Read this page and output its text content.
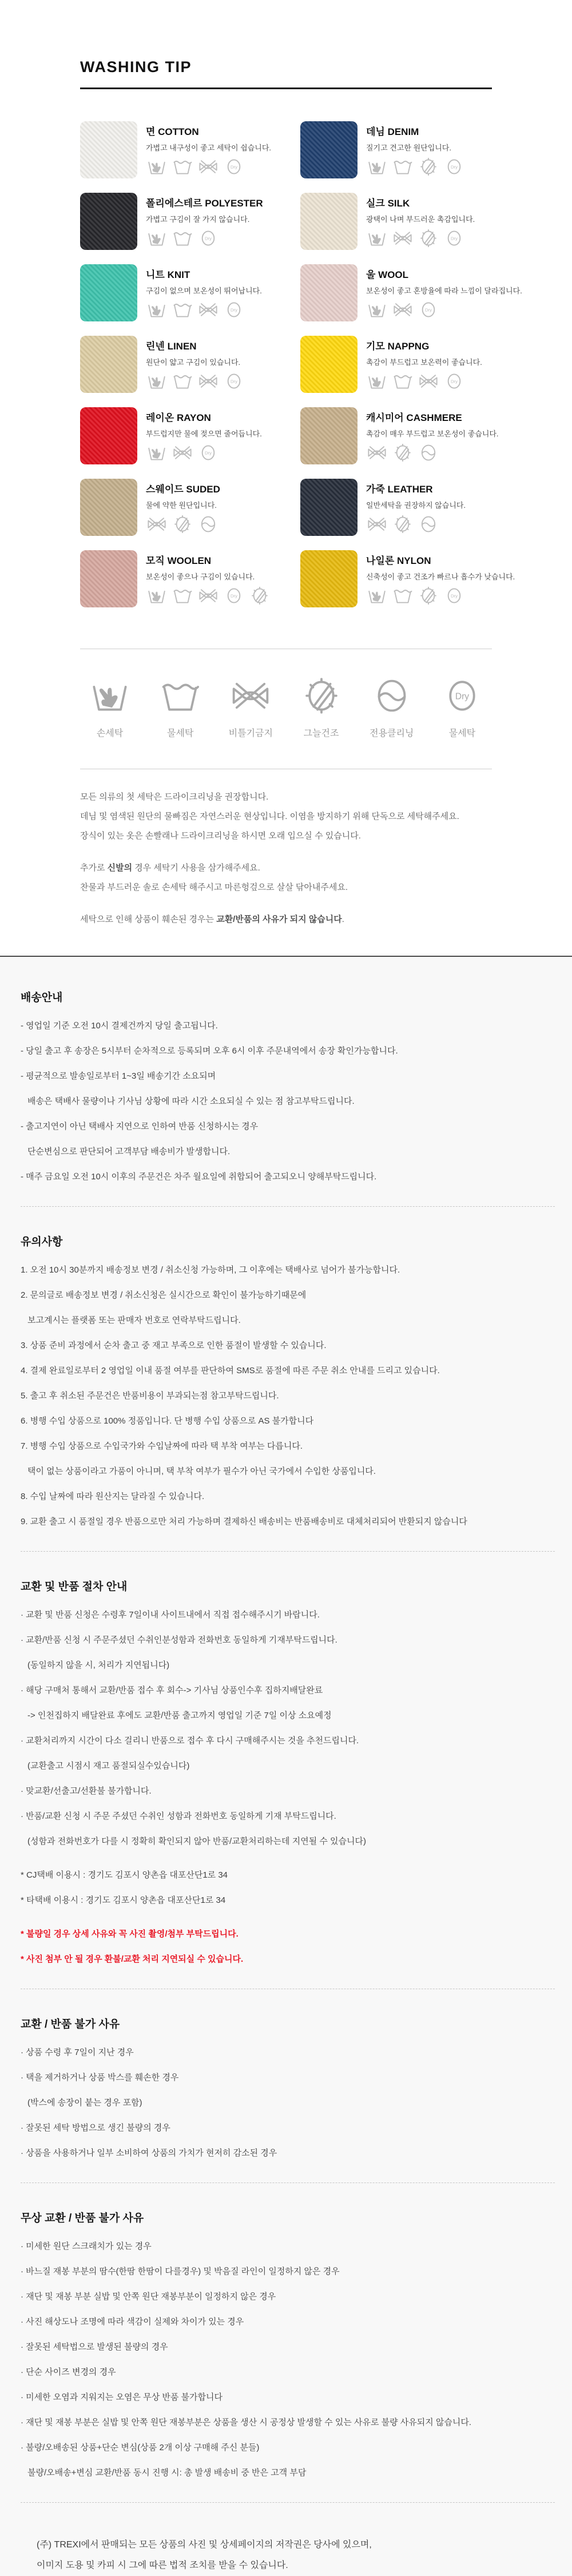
WASHING TIP
면 COTTON
가볍고 내구성이 좋고 세탁이 쉽습니다.
데님 DENIM
질기고 견고한 원단입니다.
폴리에스테르 POLYESTER
가볍고 구김이 잘 가지 않습니다.
실크 SILK
광택이 나며 부드러운 촉감입니다.
니트 KNIT
구김이 없으며 보온성이 뛰어납니다.
울 WOOL
보온성이 좋고 혼방율에 따라 느낌이 달라집니다.
린넨 LINEN
원단이 얇고 구김이 있습니다.
기모 NAPPNG
촉감이 부드럽고 보온력이 좋습니다.
레이온 RAYON
부드럽지만 물에 젖으면 줄어듭니다.
캐시미어 CASHMERE
촉감이 매우 부드럽고 보온성이 좋습니다.
스웨이드 SUDED
물에 약한 원단입니다.
가죽 LEATHER
일반세탁을 권장하지 않습니다.
모직 WOOLEN
보온성이 좋으나 구김이 있습니다.
나일론 NYLON
신축성이 좋고 건조가 빠르나 흡수가 낮습니다.
손세탁	물세탁	비틀기금지	그늘건조	전용클리닝	물세탁
모든 의류의 첫 세탁은 드라이크리닝을 권장합니다.
데님 및 염색된 원단의 물빠짐은 자연스러운 현상입니다. 이염을 방지하기 위해 단독으로 세탁해주세요.
장식이 있는 옷은 손빨래나 드라이크리닝을 하시면 오래 입으실 수 있습니다.
추가로 신발의 경우 세탁기 사용을 삼가해주세요.
찬물과 부드러운 솔로 손세탁 해주시고 마른헝겊으로 살살 닦아내주세요.
세탁으로 인해 상품이 훼손된 경우는 교환/반품의 사유가 되지 않습니다.
배송안내
- 영업일 기준 오전 10시 결제건까지 당일 출고됩니다.
- 당일 출고 후 송장은 5시부터 순차적으로 등록되며 오후 6시 이후 주문내역에서 송장 확인가능합니다.
- 평균적으로 발송일로부터 1~3일 배송기간 소요되며
배송은 택배사 물량이나 기사님 상황에 따라 시간 소요되실 수 있는 점 참고부탁드립니다.
- 출고지연이 아닌 택배사 지연으로 인하여 반품 신청하시는 경우
단순변심으로 판단되어 고객부담 배송비가 발생합니다.
- 매주 금요일 오전 10시 이후의 주문건은 차주 월요일에 취합되어 출고되오니 양해부탁드립니다.
유의사항
1. 오전 10시 30분까지 배송정보 변경 / 취소신청 가능하며, 그 이후에는 택배사로 넘어가 불가능합니다.
2. 문의글로 배송정보 변경 / 취소신청은 실시간으로 확인이 불가능하기때문에
보고계시는 플랫폼 또는 판매자 번호로 연락부탁드립니다.
3. 상품 준비 과정에서 순차 출고 중 재고 부족으로 인한 품절이 발생할 수 있습니다.
4. 결제 완료일로부터 2 영업일 이내 품절 여부를 판단하여 SMS로 품절에 따른 주문 취소 안내를 드리고 있습니다.
5. 출고 후 취소된 주문건은 반품비용이 부과되는점 참고부탁드립니다.
6. 병행 수입 상품으로 100% 정품입니다. 단 병행 수입 상품으로 AS 불가합니다
7. 병행 수입 상품으로 수입국가와 수입날짜에 따라 택 부착 여부는 다릅니다.
택이 없는 상품이라고 가품이 아니며, 택 부착 여부가 필수가 아닌 국가에서 수입한 상품입니다.
8. 수입 날짜에 따라 원산지는 달라질 수 있습니다.
9. 교환 출고 시 품절일 경우 반품으로만 처리 가능하며 결제하신 배송비는 반품배송비로 대체처리되어 반환되지 않습니다
교환 및 반품 절차 안내
· 교환 및 반품 신청은 수령후 7일이내 사이트내에서 직접 접수해주시기 바랍니다.
· 교환/반품 신청 시 주문주셨던 수취인분성함과 전화번호 동일하게 기재부탁드립니다.
(동일하지 않을 시, 처리가 지연됩니다)
· 해당 구매처 통해서 교환/반품 접수 후 회수-> 기사님 상품인수후 집하지배달완료
-> 인천집하지 배달완료 후에도 교환/반품 출고까지 영업일 기준 7일 이상 소요예정
· 교환처리까지 시간이 다소 걸리니 반품으로 접수 후 다시 구매해주시는 것을 추천드립니다.
(교환출고 시점시 재고 품절되실수있습니다)
· 맞교환/선출고/선환불 불가합니다.
· 반품/교환 신청 시 주문 주셨던 수취인 성함과 전화번호 동일하게 기재 부탁드립니다.
(성함과 전화번호가 다를 시 정확히 확인되지 않아 반품/교환처리하는데 지연될 수 있습니다)
* CJ택배 이용시 : 경기도 김포시 양촌읍 대포산단1로 34
* 타택배 이용시 : 경기도 김포시 양촌읍 대포산단1로 34
* 불량일 경우 상세 사유와 꼭 사진 촬영/첨부 부탁드립니다.
* 사진 첨부 안 될 경우 환불/교환 처리 지연되실 수 있습니다.
교환 / 반품 불가 사유
· 상품 수령 후 7일이 지난 경우
· 택을 제거하거나 상품 박스를 훼손한 경우
(박스에 송장이 붙는 경우 포함)
· 잘못된 세탁 방법으로 생긴 불량의 경우
· 상품을 사용하거나 일부 소비하여 상품의 가치가 현저히 감소된 경우
무상 교환 / 반품 불가 사유
· 미세한 원단 스크래치가 있는 경우
· 바느질 재봉 부분의 땀수(한땀 한땀이 다를경우) 및 박음질 라인이 일정하지 않은 경우
· 재단 및 재봉 부분 실밥 및 안쪽 원단 재봉부분이 일정하지 않은 경우
· 사진 해상도나 조명에 따라 색감이 실제와 차이가 있는 경우
· 잘못된 세탁법으로 발생된 불량의 경우
· 단순 사이즈 변경의 경우
· 미세한 오염과 지워지는 오염은 무상 반품 불가합니다
· 재단 및 재봉 부분은 실밥 및 안쪽 원단 재봉부분은 상품을 생산 시 공정상 발생할 수 있는 사유로 불량 사유되지 않습니다.
· 불량/오배송된 상품+단순 변심(상품 2개 이상 구매해 주신 분들)
불량/오배송+변심 교환/반품 동시 진행 시: 총 발생 배송비 중 반은 고객 부담
(주) TREXI에서 판매되는 모든 상품의 사진 및 상세페이지의 저작권은 당사에 있으며,
이미지 도용 및 카피 시 그에 따른 법적 조치를 받을 수 있습니다.
